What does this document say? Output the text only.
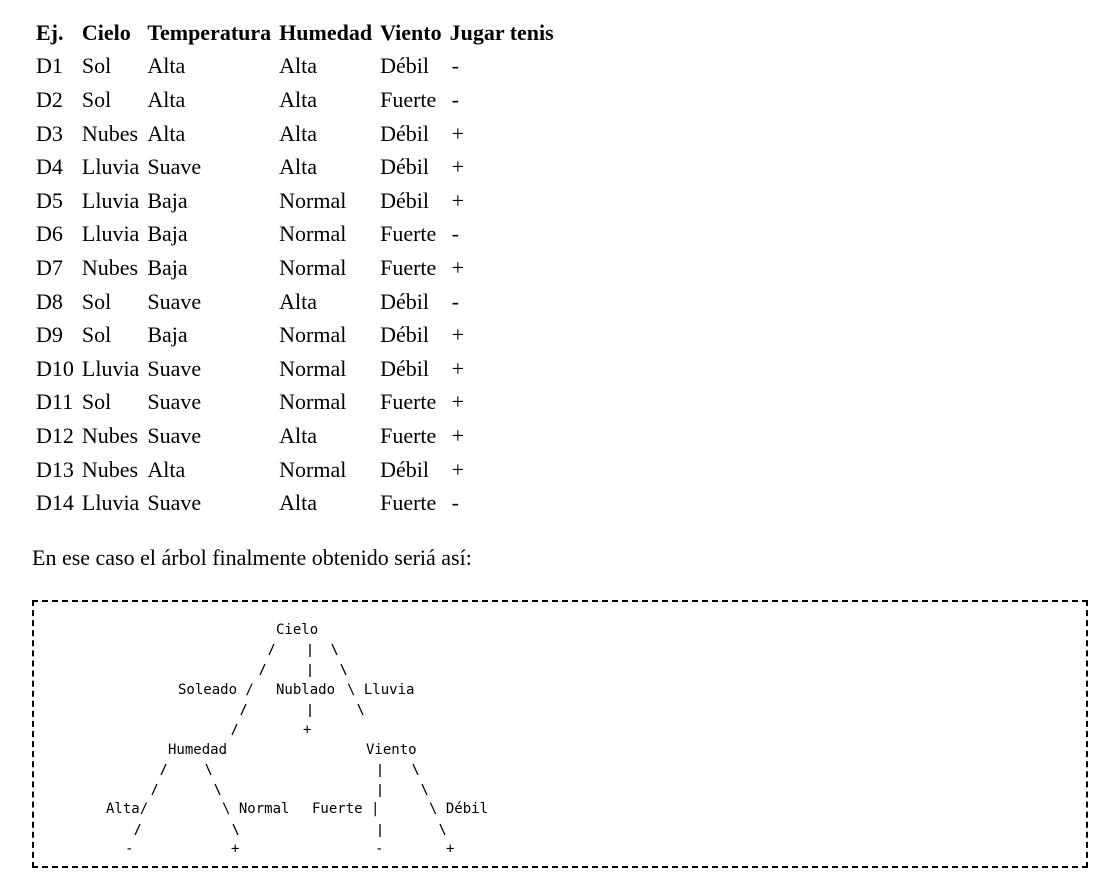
Ej.	Cielo	Temperatura	Humedad	Viento	Jugar tenis
D1	Sol	Alta	Alta	Débil	-
D2	Sol	Alta	Alta	Fuerte	-
D3	Nubes	Alta	Alta	Débil	+
D4	Lluvia	Suave	Alta	Débil	+
D5	Lluvia	Baja	Normal	Débil	+
D6	Lluvia	Baja	Normal	Fuerte	-
D7	Nubes	Baja	Normal	Fuerte	+
D8	Sol	Suave	Alta	Débil	-
D9	Sol	Baja	Normal	Débil	+
D10	Lluvia	Suave	Normal	Débil	+
D11	Sol	Suave	Normal	Fuerte	+
D12	Nubes	Suave	Alta	Fuerte	+
D13	Nubes	Alta	Normal	Débil	+
D14	Lluvia	Suave	Alta	Fuerte	-

En ese caso el árbol finalmente obtenido seriá así:

Cielo
Soleado / Nublado \ Lluvia
+
Humedad	Viento
Alta/	\ Normal Fuerte |	\ Débil
-	+	-	+
